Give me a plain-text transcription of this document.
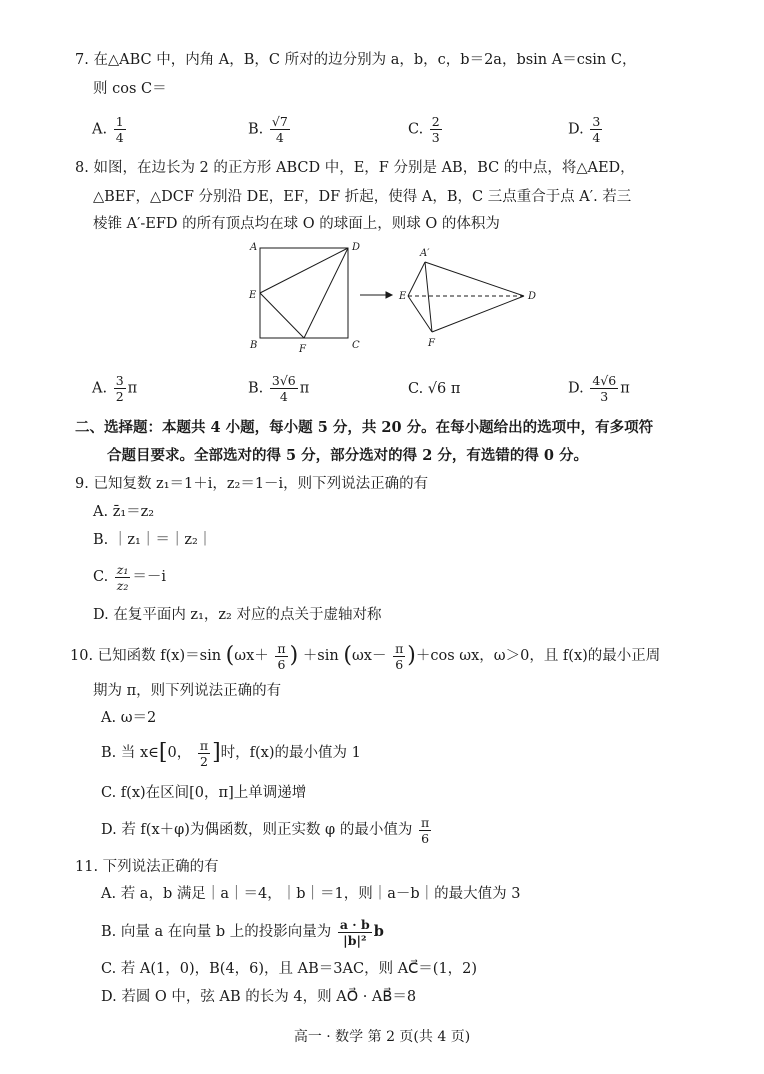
7. 在△ABC 中，内角 A，B，C 所对的边分别为 a，b，c，b＝2a，bsin A＝csin C，
则 cos C＝
A. $\frac{1}{4}$	B. $\frac{√7}{4}$	C. $\frac{2}{3}$	D. $\frac{3}{4}$
8. 如图，在边长为 2 的正方形 ABCD 中，E，F 分别是 AB，BC 的中点，将△AED，
△BEF，△DCF 分别沿 DE，EF，DF 折起，使得 A，B，C 三点重合于点 A′. 若三
棱锥 A′-EFD 的所有顶点均在球 O 的球面上，则球 O 的体积为
A	D
E
B	F	C
A′
E	D
F
A. $\frac{3}{2}$ π	B. $\frac{3√6}{4}$ π	C. √6 π	D. $\frac{4√6}{3}$ π
二、选择题：本题共 4 小题，每小题 5 分，共 20 分。在每小题给出的选项中，有多项符
合题目要求。全部选对的得 5 分，部分选对的得 2 分，有选错的得 0 分。
9. 已知复数 z₁＝1＋i，z₂＝1－i，则下列说法正确的有
A. z̄₁＝z₂
B. ｜z₁｜＝｜z₂｜
C. $\frac{\text{z₁}}{\text{z₂}} =-i$
D. 在复平面内 z₁，z₂ 对应的点关于虚轴对称
10. 已知函数 f(x)＝sin ($\omega x+ \frac{\pi}{6}$ ) ＋sin $(\omega x- \frac{\pi}{6} )+\cos$ ωx，ω＞0，且 f(x)的最小正周
期为 π，则下列说法正确的有
A. ω＝2
B. 当 x∈[0， $\frac{\pi}{2}$ ]时，f(x)的最小值为 1
C. f(x)在区间[0，π]上单调递增
D. 若 f(x＋φ)为偶函数，则正实数 φ 的最小值为 $\frac{\pi}{6}$
11. 下列说法正确的有
A. 若 a，b 满足｜a｜＝4，｜b｜＝1，则｜a－b｜的最大值为 3
B. 向量 a 在向量 b 上的投影向量为 $\frac{a \cdot b}{\text{|b|²}}$ b
C. 若 A(1，0)，B(4，6)，且 AB＝3AC，则 AC⃗＝(1，2)
D. 若圆 O 中，弦 AB 的长为 4，则 AO⃗ · AB⃗＝8
高一 · 数学 第 2 页(共 4 页)
